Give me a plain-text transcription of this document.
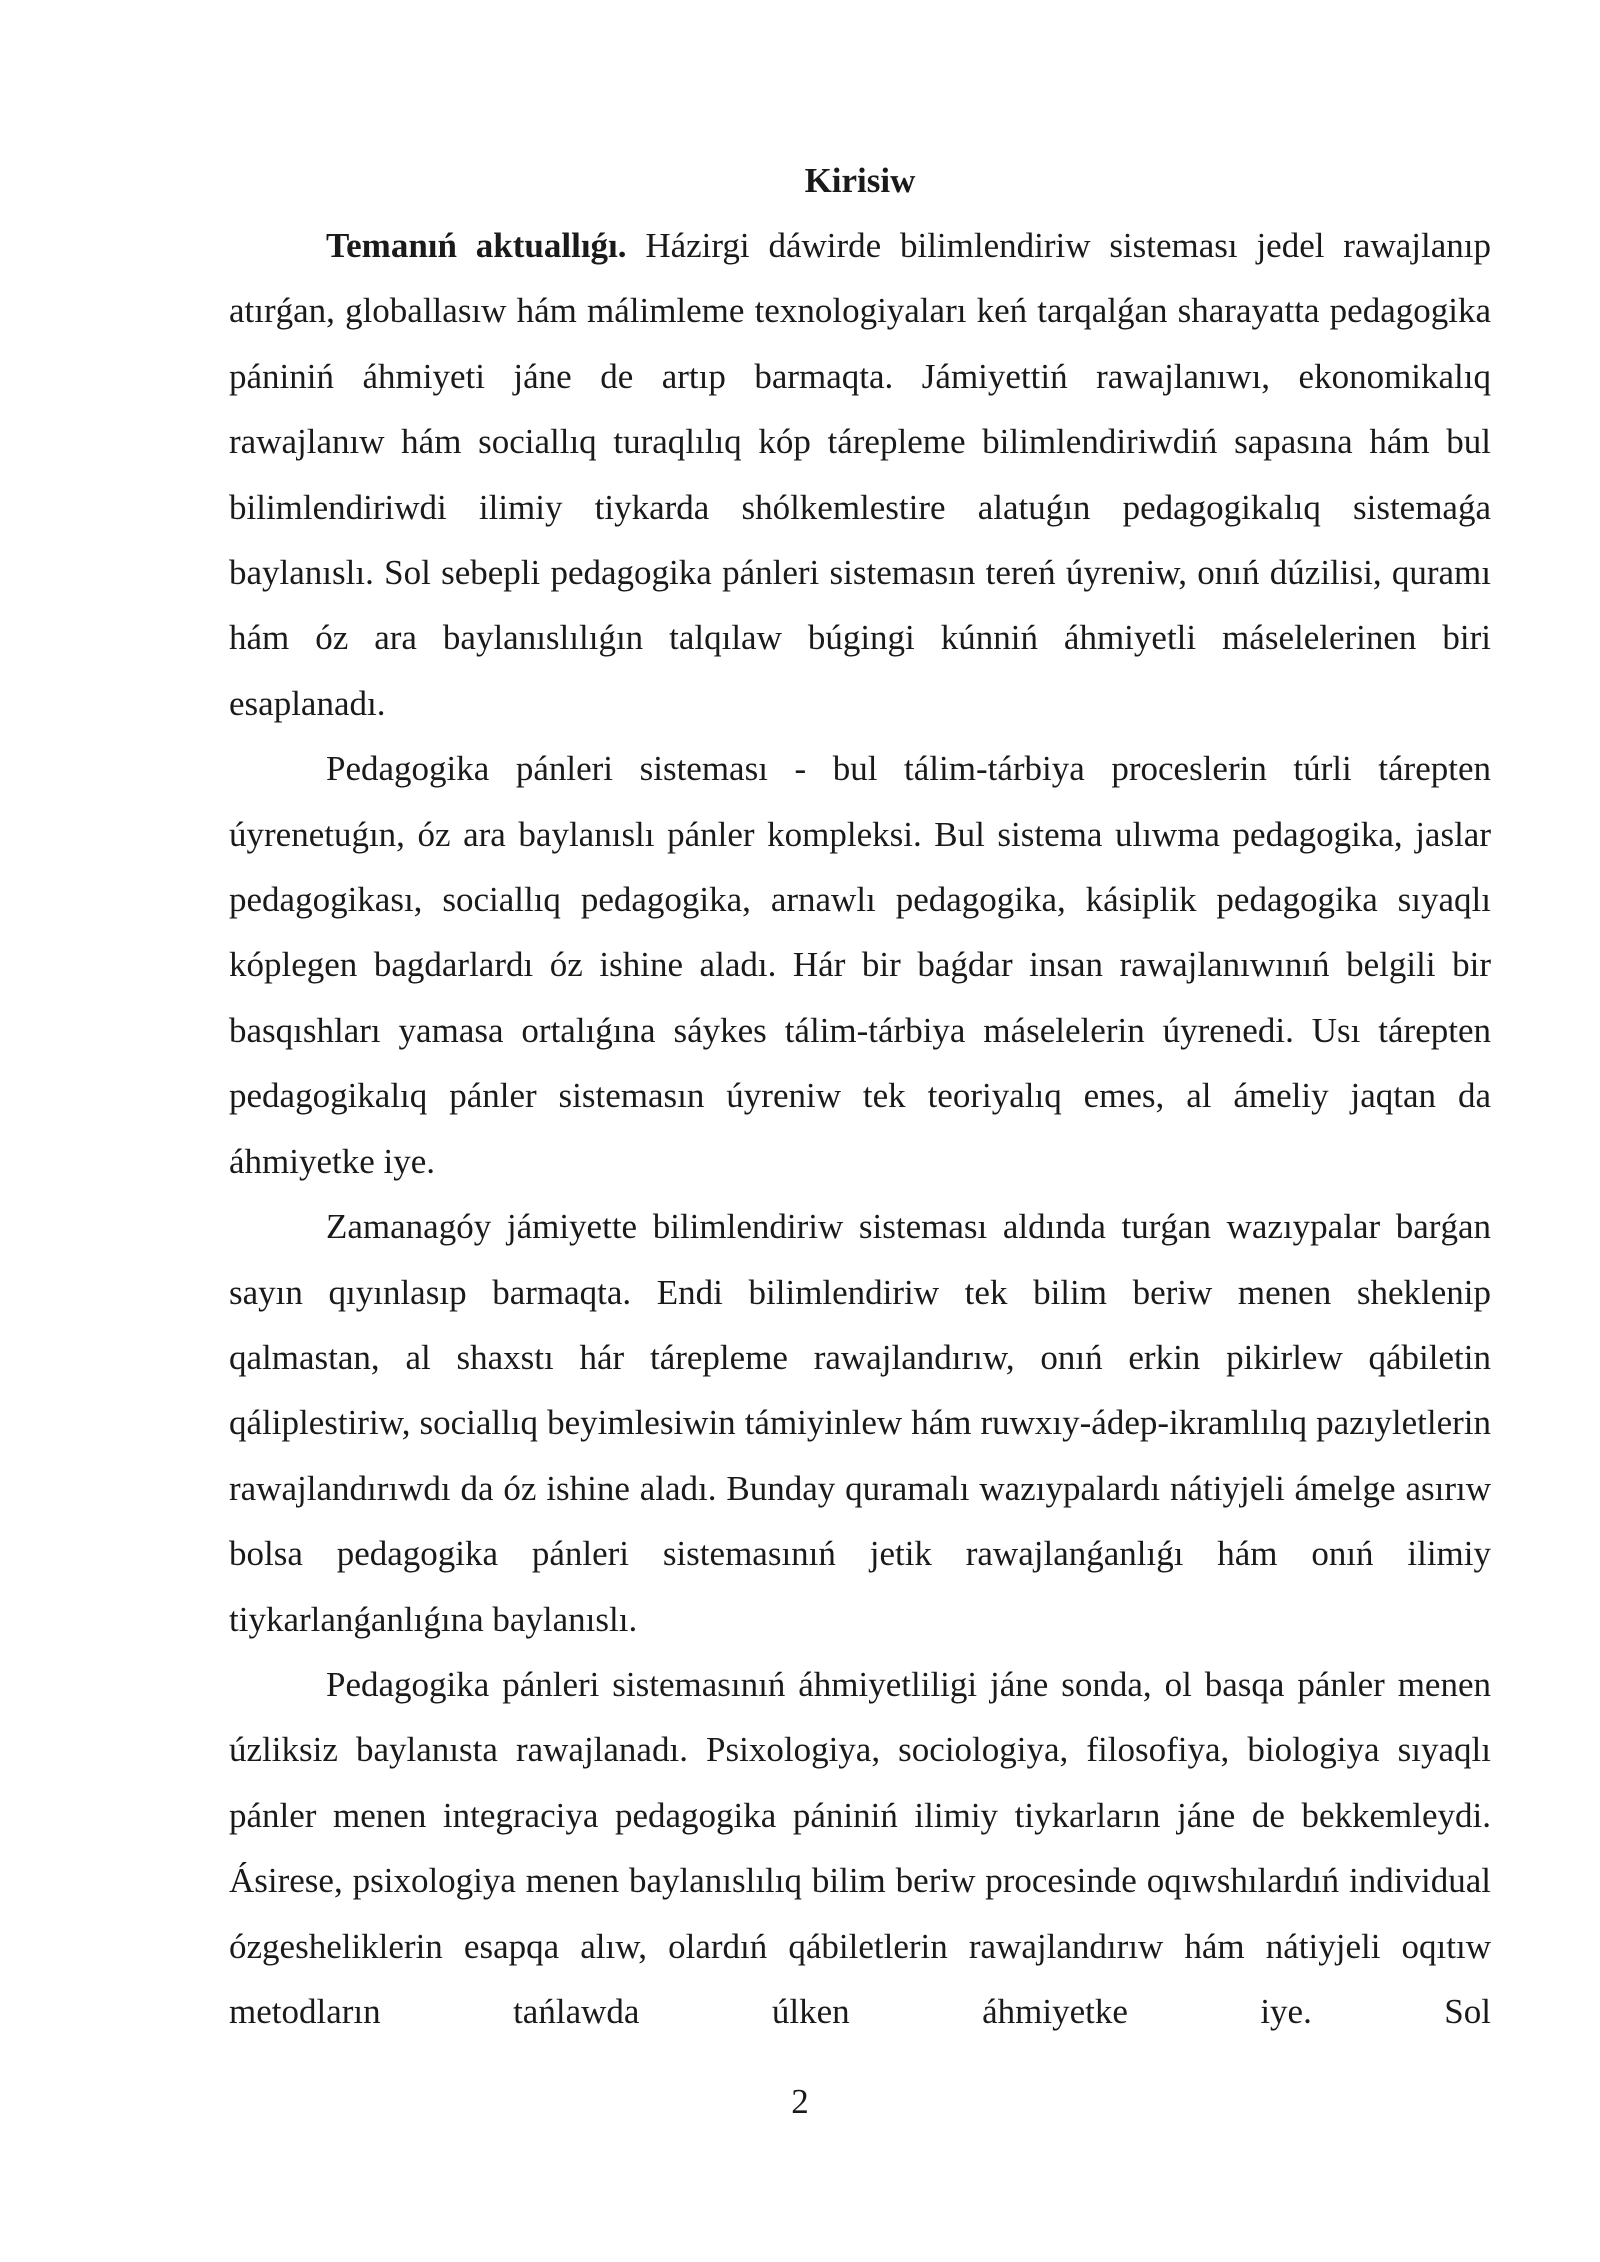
Kirisiw

Temanıń aktuallıǵı. Házirgi dáwirde bilimlendiriw sisteması jedel rawajlanıp atırǵan, globallasıw hám málimleme texnologiyaları keń tarqalǵan sharayatta pedagogika pániniń áhmiyeti jáne de artıp barmaqta. Jámiyettiń rawajlanıwı, ekonomikalıq rawajlanıw hám sociallıq turaqlılıq kóp tárepleme bilimlendiriwdiń sapasına hám bul bilimlendiriwdi ilimiy tiykarda shólkemlestire alatuǵın pedagogikalıq sistemaǵa baylanıslı. Sol sebepli pedagogika pánleri sistemasın tereń úyreniw, onıń dúzilisi, quramı hám óz ara baylanıslılıǵın talqılaw búgingi kúnniń áhmiyetli máselelerinen biri esaplanadı.

Pedagogika pánleri sisteması - bul tálim-tárbiya proceslerin túrli tárepten úyrenetuǵın, óz ara baylanıslı pánler kompleksi. Bul sistema ulıwma pedagogika, jaslar pedagogikası, sociallıq pedagogika, arnawlı pedagogika, kásiplik pedagogika sıyaqlı kóplegen bagdarlardı óz ishine aladı. Hár bir baǵdar insan rawajlanıwınıń belgili bir basqıshları yamasa ortalıǵına sáykes tálim-tárbiya máselelerin úyrenedi. Usı tárepten pedagogikalıq pánler sistemasın úyreniw tek teoriyalıq emes, al ámeliy jaqtan da áhmiyetke iye.

Zamanagóy jámiyette bilimlendiriw sisteması aldında turǵan wazıypalar barǵan sayın qıyınlasıp barmaqta. Endi bilimlendiriw tek bilim beriw menen sheklenip qalmastan, al shaxstı hár tárepleme rawajlandırıw, onıń erkin pikirlew qábiletin qáliplestiriw, sociallıq beyimlesiwin támiyinlew hám ruwxıy-ádep-ikramlılıq pazıyletlerin rawajlandırıwdı da óz ishine aladı. Bunday quramalı wazıypalardı nátiyjeli ámelge asırıw bolsa pedagogika pánleri sistemasınıń jetik rawajlanǵanlıǵı hám onıń ilimiy tiykarlanǵanlıǵına baylanıslı.

Pedagogika pánleri sistemasınıń áhmiyetliligi jáne sonda, ol basqa pánler menen úzliksiz baylanısta rawajlanadı. Psixologiya, sociologiya, filosofiya, biologiya sıyaqlı pánler menen integraciya pedagogika pániniń ilimiy tiykarların jáne de bekkemleydi. Ásirese, psixologiya menen baylanıslılıq bilim beriw procesinde oqıwshılardıń individual ózgesheliklerin esapqa alıw, olardıń qábiletlerin rawajlandırıw hám nátiyjeli oqıtıw metodların tańlawda úlken áhmiyetke iye. Sol

2
